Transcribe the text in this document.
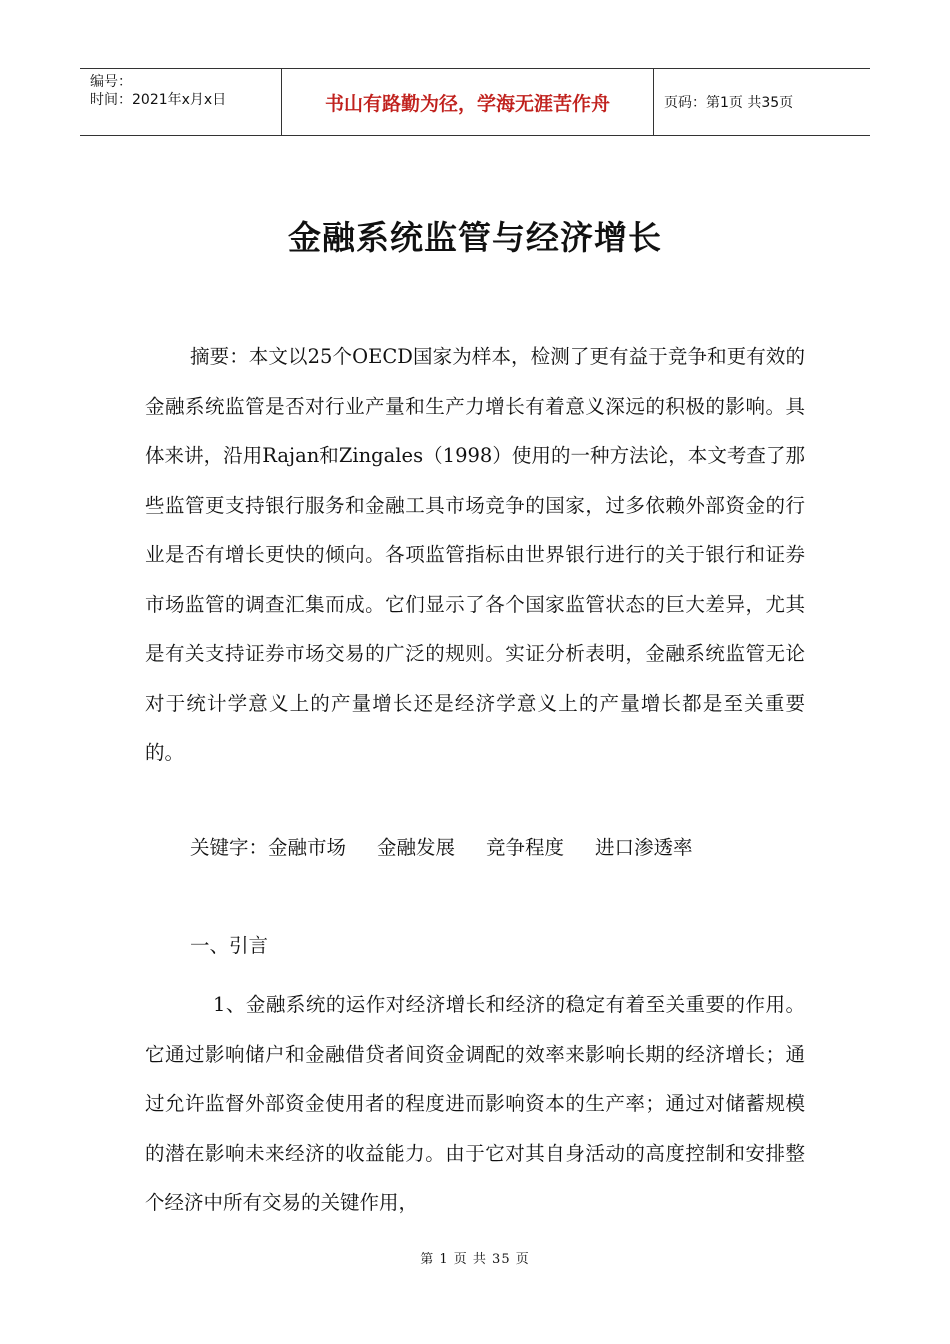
编号：
时间：2021年x月x日	书山有路勤为径，学海无涯苦作舟	页码：第1页 共35页
金融系统监管与经济增长
摘要：本文以25个OECD国家为样本，检测了更有益于竞争和更有效的金融系统监管是否对行业产量和生产力增长有着意义深远的积极的影响。具体来讲，沿用Rajan和Zingales（1998）使用的一种方法论，本文考查了那些监管更支持银行服务和金融工具市场竞争的国家，过多依赖外部资金的行业是否有增长更快的倾向。各项监管指标由世界银行进行的关于银行和证券市场监管的调查汇集而成。它们显示了各个国家监管状态的巨大差异，尤其是有关支持证券市场交易的广泛的规则。实证分析表明，金融系统监管无论对于统计学意义上的产量增长还是经济学意义上的产量增长都是至关重要的。
关键字：金融市场     金融发展     竞争程度     进口渗透率
一、引言
1、金融系统的运作对经济增长和经济的稳定有着至关重要的作用。它通过影响储户和金融借贷者间资金调配的效率来影响长期的经济增长；通过允许监督外部资金使用者的程度进而影响资本的生产率；通过对储蓄规模的潜在影响未来经济的收益能力。由于它对其自身活动的高度控制和安排整个经济中所有交易的关键作用，
第 1 页 共 35 页
